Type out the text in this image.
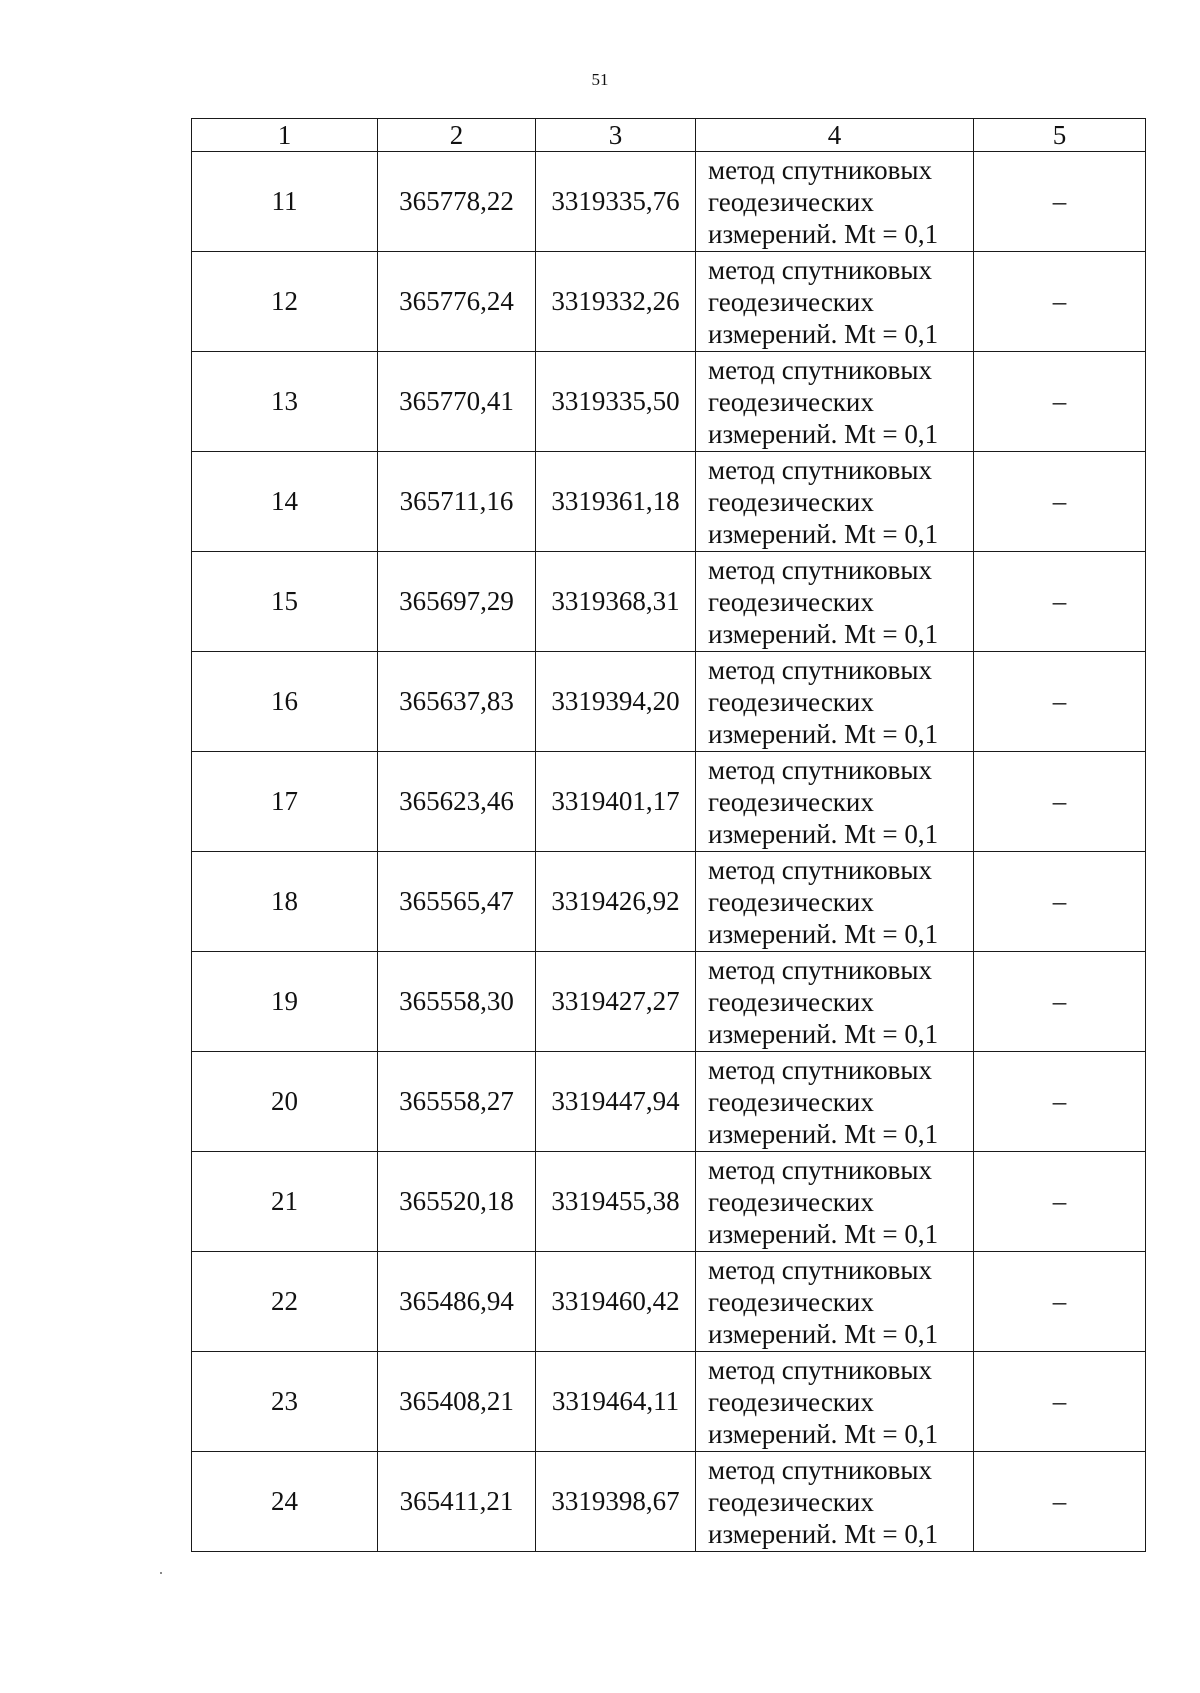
51
1	2	3	4	5
11	365778,22	3319335,76	метод спутниковых
геодезических
измерений. Mt = 0,1	–
12	365776,24	3319332,26	метод спутниковых
геодезических
измерений. Mt = 0,1	–
13	365770,41	3319335,50	метод спутниковых
геодезических
измерений. Mt = 0,1	–
14	365711,16	3319361,18	метод спутниковых
геодезических
измерений. Mt = 0,1	–
15	365697,29	3319368,31	метод спутниковых
геодезических
измерений. Mt = 0,1	–
16	365637,83	3319394,20	метод спутниковых
геодезических
измерений. Mt = 0,1	–
17	365623,46	3319401,17	метод спутниковых
геодезических
измерений. Mt = 0,1	–
18	365565,47	3319426,92	метод спутниковых
геодезических
измерений. Mt = 0,1	–
19	365558,30	3319427,27	метод спутниковых
геодезических
измерений. Mt = 0,1	–
20	365558,27	3319447,94	метод спутниковых
геодезических
измерений. Mt = 0,1	–
21	365520,18	3319455,38	метод спутниковых
геодезических
измерений. Mt = 0,1	–
22	365486,94	3319460,42	метод спутниковых
геодезических
измерений. Mt = 0,1	–
23	365408,21	3319464,11	метод спутниковых
геодезических
измерений. Mt = 0,1	–
24	365411,21	3319398,67	метод спутниковых
геодезических
измерений. Mt = 0,1	–
